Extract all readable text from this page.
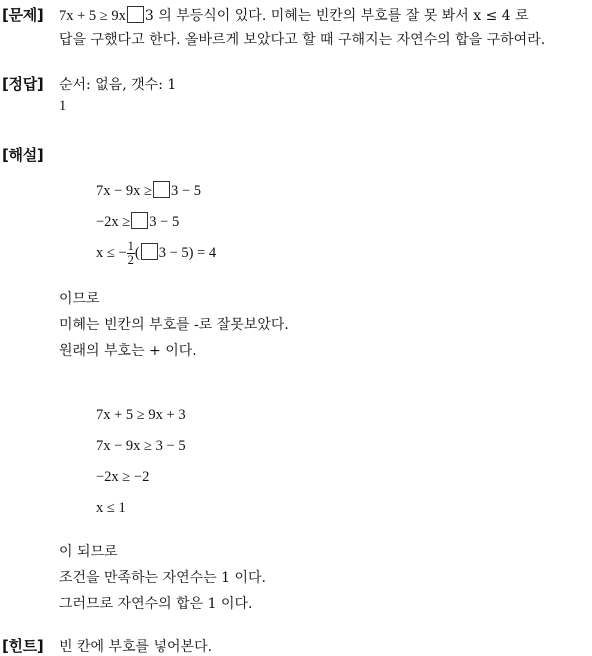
[문제] 7x + 5 ≥ 9x 3 의 부등식이 있다. 미혜는 빈칸의 부호를 잘 못 봐서 x ≤ 4 로
답을 구했다고 한다. 올바르게 보았다고 할 때 구해지는 자연수의 합을 구하여라.
[정답] 순서: 없음, 갯수: 1
1
[해설]
7x − 9x ≥ 3 − 5
−2x ≥ 3 − 5
x ≤ − $\frac{1}{2}$ ( 3 − 5) = 4
이므로
미혜는 빈칸의 부호를 -로 잘못보았다.
원래의 부호는 + 이다.
7x + 5 ≥ 9x + 3
7x − 9x ≥ 3 − 5
−2x ≥ −2
x ≤ 1
이 되므로
조건을 만족하는 자연수는 1 이다.
그러므로 자연수의 합은 1 이다.
[힌트] 빈 칸에 부호를 넣어본다.
